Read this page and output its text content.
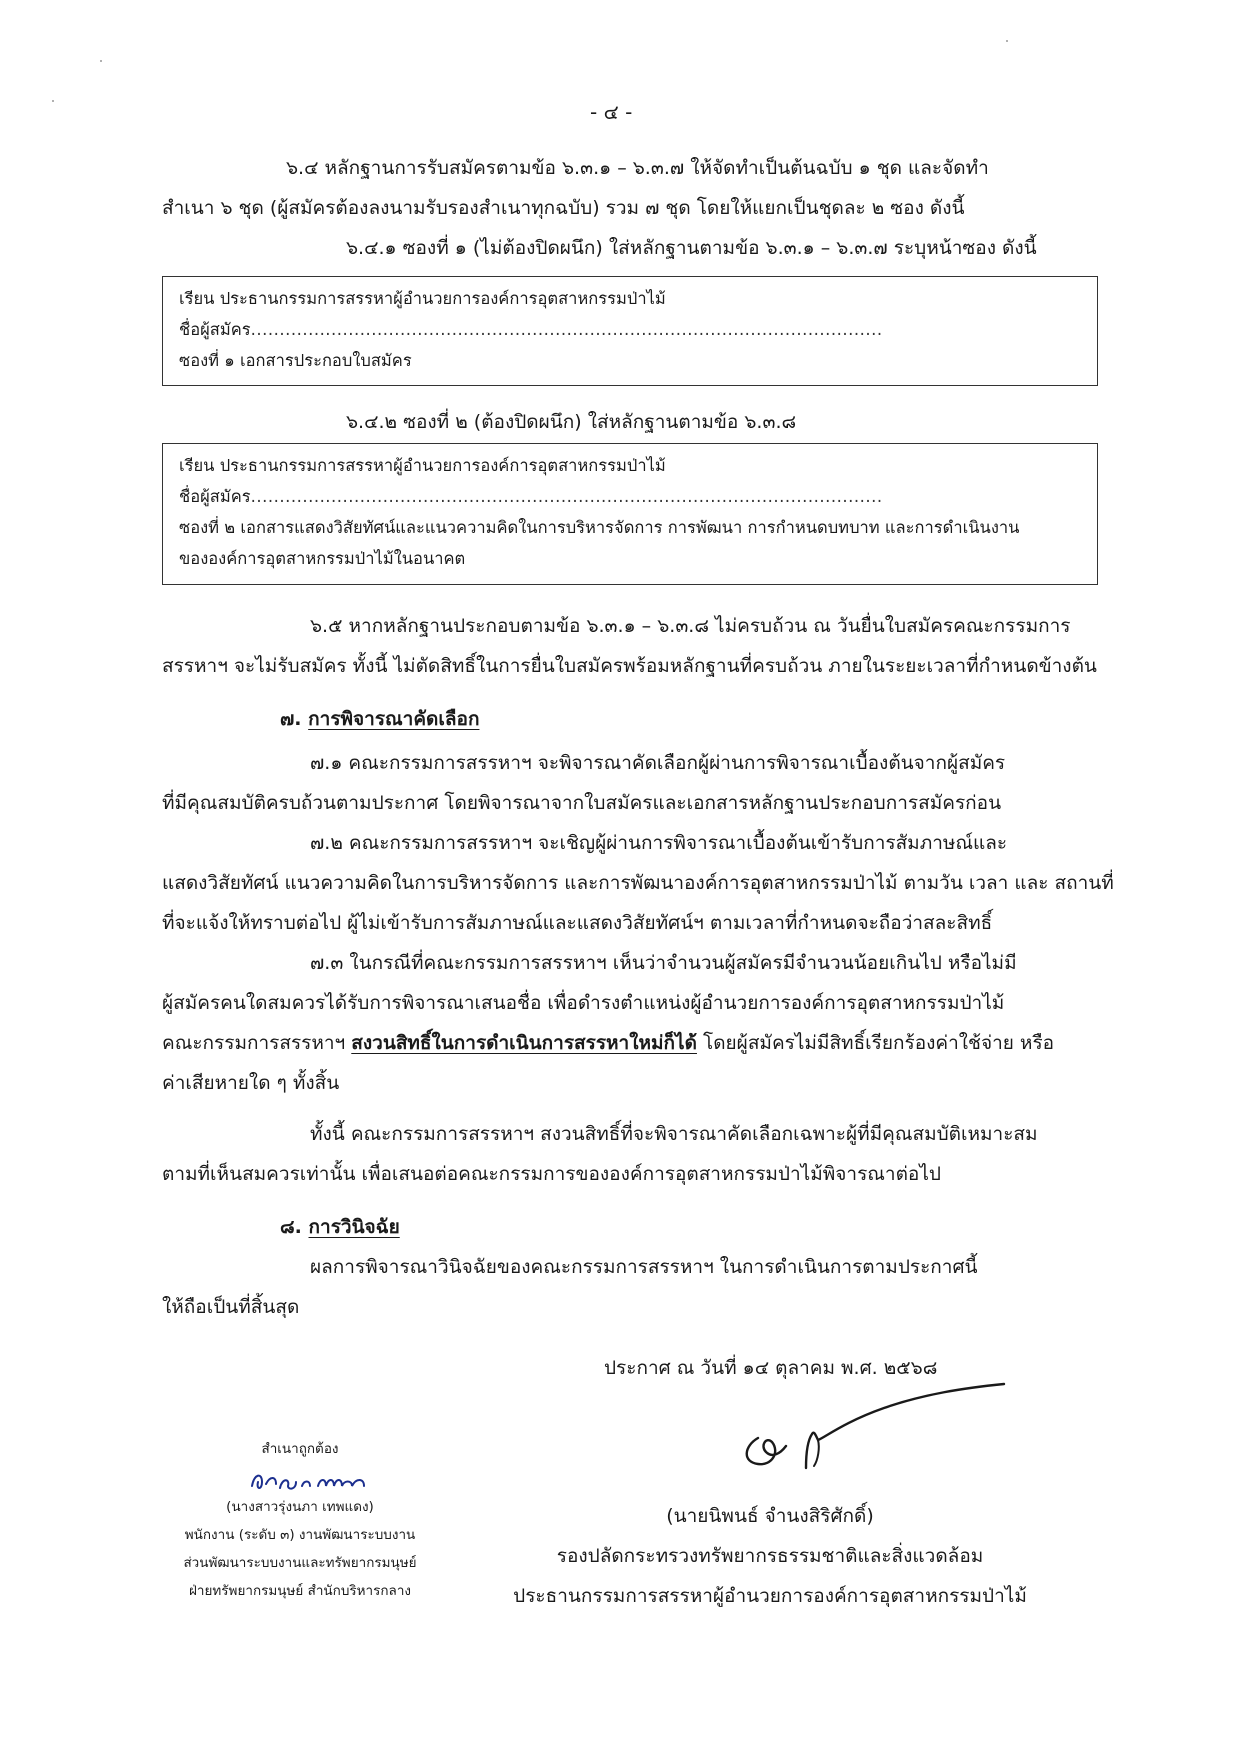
- ๔ -
๖.๔ หลักฐานการรับสมัครตามข้อ ๖.๓.๑ – ๖.๓.๗ ให้จัดทำเป็นต้นฉบับ ๑ ชุด และจัดทำ
สำเนา ๖ ชุด (ผู้สมัครต้องลงนามรับรองสำเนาทุกฉบับ) รวม ๗ ชุด โดยให้แยกเป็นชุดละ ๒ ซอง ดังนี้
๖.๔.๑ ซองที่ ๑ (ไม่ต้องปิดผนึก) ใส่หลักฐานตามข้อ ๖.๓.๑ – ๖.๓.๗ ระบุหน้าซอง ดังนี้
เรียน ประธานกรรมการสรรหาผู้อำนวยการองค์การอุตสาหกรรมป่าไม้
ชื่อผู้สมัคร..............................................................................................................
ซองที่ ๑ เอกสารประกอบใบสมัคร
๖.๔.๒ ซองที่ ๒ (ต้องปิดผนึก) ใส่หลักฐานตามข้อ ๖.๓.๘
เรียน ประธานกรรมการสรรหาผู้อำนวยการองค์การอุตสาหกรรมป่าไม้
ชื่อผู้สมัคร..............................................................................................................
ซองที่ ๒ เอกสารแสดงวิสัยทัศน์และแนวความคิดในการบริหารจัดการ การพัฒนา การกำหนดบทบาท และการดำเนินงาน
ขององค์การอุตสาหกรรมป่าไม้ในอนาคต
๖.๕ หากหลักฐานประกอบตามข้อ ๖.๓.๑ – ๖.๓.๘ ไม่ครบถ้วน ณ วันยื่นใบสมัครคณะกรรมการ
สรรหาฯ จะไม่รับสมัคร ทั้งนี้ ไม่ตัดสิทธิ์ในการยื่นใบสมัครพร้อมหลักฐานที่ครบถ้วน ภายในระยะเวลาที่กำหนดข้างต้น
๗. การพิจารณาคัดเลือก
๗.๑ คณะกรรมการสรรหาฯ จะพิจารณาคัดเลือกผู้ผ่านการพิจารณาเบื้องต้นจากผู้สมัคร
ที่มีคุณสมบัติครบถ้วนตามประกาศ โดยพิจารณาจากใบสมัครและเอกสารหลักฐานประกอบการสมัครก่อน
๗.๒ คณะกรรมการสรรหาฯ จะเชิญผู้ผ่านการพิจารณาเบื้องต้นเข้ารับการสัมภาษณ์และ
แสดงวิสัยทัศน์ แนวความคิดในการบริหารจัดการ และการพัฒนาองค์การอุตสาหกรรมป่าไม้ ตามวัน เวลา และ สถานที่
ที่จะแจ้งให้ทราบต่อไป ผู้ไม่เข้ารับการสัมภาษณ์และแสดงวิสัยทัศน์ฯ ตามเวลาที่กำหนดจะถือว่าสละสิทธิ์
๗.๓ ในกรณีที่คณะกรรมการสรรหาฯ เห็นว่าจำนวนผู้สมัครมีจำนวนน้อยเกินไป หรือไม่มี
ผู้สมัครคนใดสมควรได้รับการพิจารณาเสนอชื่อ เพื่อดำรงตำแหน่งผู้อำนวยการองค์การอุตสาหกรรมป่าไม้
คณะกรรมการสรรหาฯ สงวนสิทธิ์ในการดำเนินการสรรหาใหม่ก็ได้ โดยผู้สมัครไม่มีสิทธิ์เรียกร้องค่าใช้จ่าย หรือ
ค่าเสียหายใด ๆ ทั้งสิ้น
ทั้งนี้ คณะกรรมการสรรหาฯ สงวนสิทธิ์ที่จะพิจารณาคัดเลือกเฉพาะผู้ที่มีคุณสมบัติเหมาะสม
ตามที่เห็นสมควรเท่านั้น เพื่อเสนอต่อคณะกรรมการขององค์การอุตสาหกรรมป่าไม้พิจารณาต่อไป
๘. การวินิจฉัย
ผลการพิจารณาวินิจฉัยของคณะกรรมการสรรหาฯ ในการดำเนินการตามประกาศนี้
ให้ถือเป็นที่สิ้นสุด
ประกาศ ณ วันที่ ๑๔ ตุลาคม พ.ศ. ๒๕๖๘
(นายนิพนธ์ จำนงสิริศักดิ์)
รองปลัดกระทรวงทรัพยากรธรรมชาติและสิ่งแวดล้อม
ประธานกรรมการสรรหาผู้อำนวยการองค์การอุตสาหกรรมป่าไม้
สำเนาถูกต้อง
(นางสาวรุ่งนภา เทพแดง)
พนักงาน (ระดับ ๓) งานพัฒนาระบบงาน
ส่วนพัฒนาระบบงานและทรัพยากรมนุษย์
ฝ่ายทรัพยากรมนุษย์ สำนักบริหารกลาง
